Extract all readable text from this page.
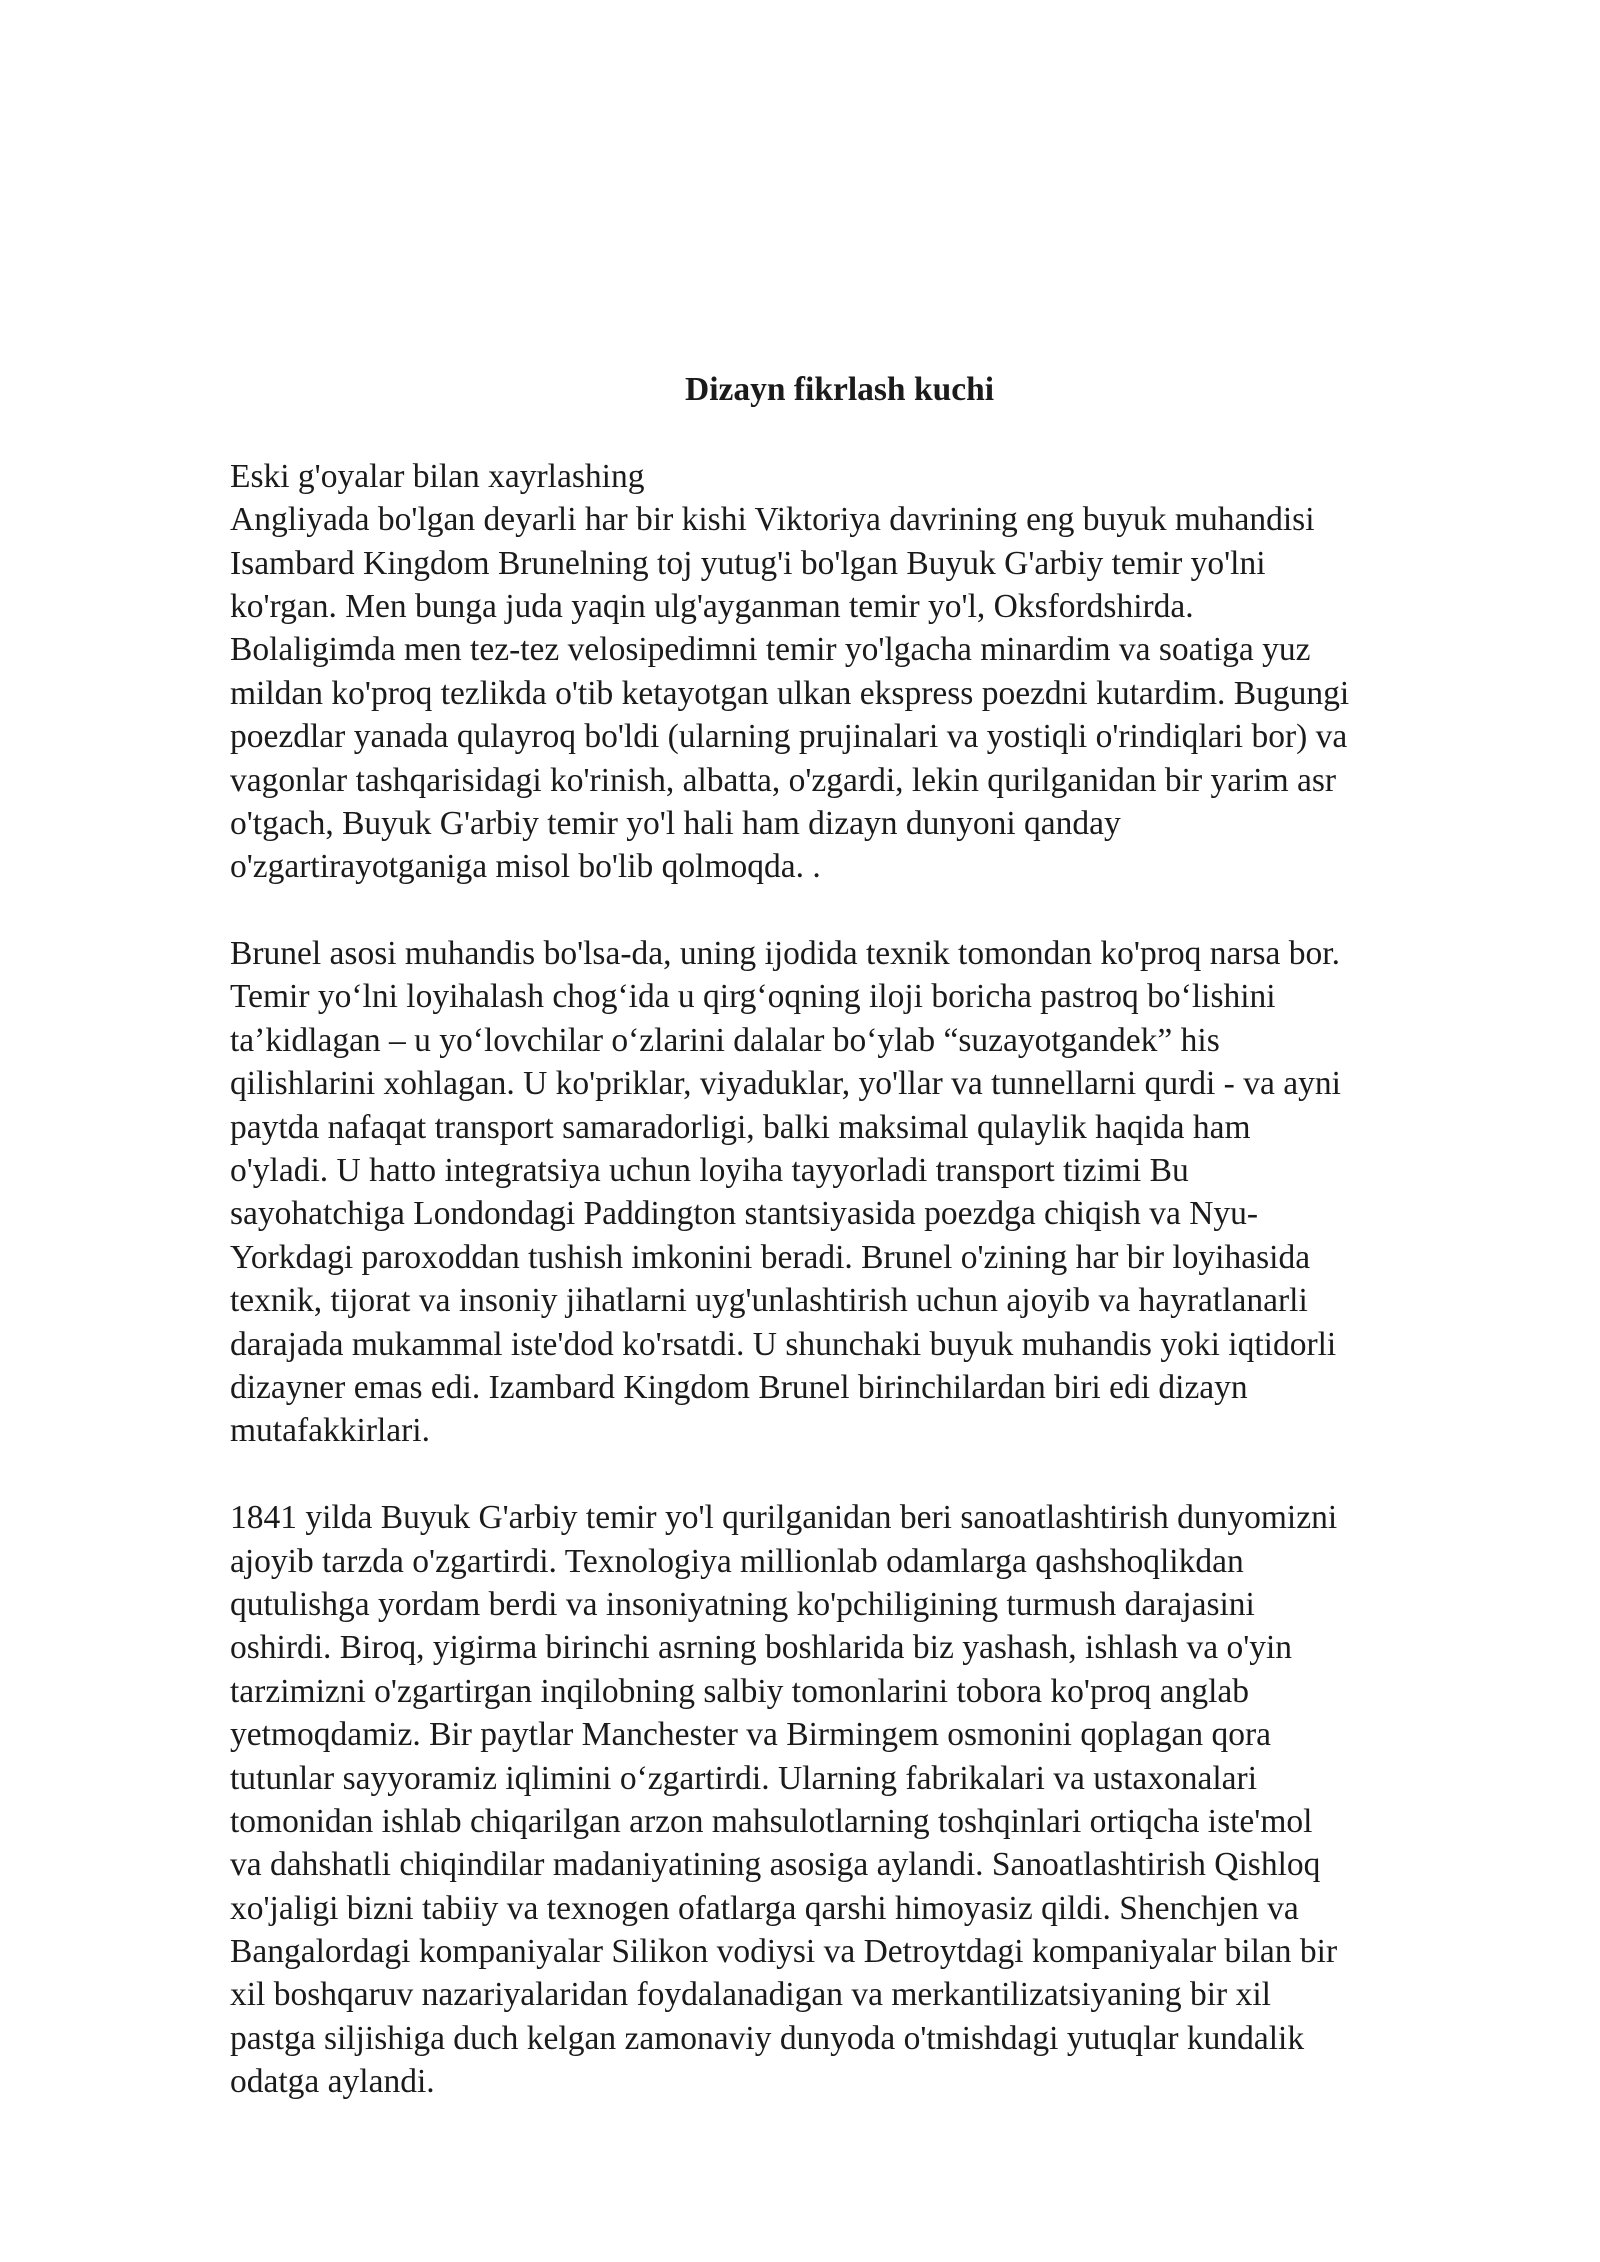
Dizayn fikrlash kuchi
Eski g'oyalar bilan xayrlashing
Angliyada bo'lgan deyarli har bir kishi Viktoriya davrining eng buyuk muhandisi
Isambard Kingdom Brunelning toj yutug'i bo'lgan Buyuk G'arbiy temir yo'lni
ko'rgan. Men bunga juda yaqin ulg'ayganman temir yo'l, Oksfordshirda.
Bolaligimda men tez-tez velosipedimni temir yo'lgacha minardim va soatiga yuz
mildan ko'proq tezlikda o'tib ketayotgan ulkan ekspress poezdni kutardim. Bugungi
poezdlar yanada qulayroq bo'ldi (ularning prujinalari va yostiqli o'rindiqlari bor) va
vagonlar tashqarisidagi ko'rinish, albatta, o'zgardi, lekin qurilganidan bir yarim asr
o'tgach, Buyuk G'arbiy temir yo'l hali ham dizayn dunyoni qanday
o'zgartirayotganiga misol bo'lib qolmoqda. .
Brunel asosi muhandis bo'lsa-da, uning ijodida texnik tomondan ko'proq narsa bor.
Temir yoʻlni loyihalash chogʻida u qirgʻoqning iloji boricha pastroq boʻlishini
taʼkidlagan – u yoʻlovchilar oʻzlarini dalalar boʻylab “suzayotgandek” his
qilishlarini xohlagan. U ko'priklar, viyaduklar, yo'llar va tunnellarni qurdi - va ayni
paytda nafaqat transport samaradorligi, balki maksimal qulaylik haqida ham
o'yladi. U hatto integratsiya uchun loyiha tayyorladi transport tizimi Bu
sayohatchiga Londondagi Paddington stantsiyasida poezdga chiqish va Nyu-
Yorkdagi paroxoddan tushish imkonini beradi. Brunel o'zining har bir loyihasida
texnik, tijorat va insoniy jihatlarni uyg'unlashtirish uchun ajoyib va hayratlanarli
darajada mukammal iste'dod ko'rsatdi. U shunchaki buyuk muhandis yoki iqtidorli
dizayner emas edi. Izambard Kingdom Brunel birinchilardan biri edi dizayn
mutafakkirlari.
1841 yilda Buyuk G'arbiy temir yo'l qurilganidan beri sanoatlashtirish dunyomizni
ajoyib tarzda o'zgartirdi. Texnologiya millionlab odamlarga qashshoqlikdan
qutulishga yordam berdi va insoniyatning ko'pchiligining turmush darajasini
oshirdi. Biroq, yigirma birinchi asrning boshlarida biz yashash, ishlash va o'yin
tarzimizni o'zgartirgan inqilobning salbiy tomonlarini tobora ko'proq anglab
yetmoqdamiz. Bir paytlar Manchester va Birmingem osmonini qoplagan qora
tutunlar sayyoramiz iqlimini oʻzgartirdi. Ularning fabrikalari va ustaxonalari
tomonidan ishlab chiqarilgan arzon mahsulotlarning toshqinlari ortiqcha iste'mol
va dahshatli chiqindilar madaniyatining asosiga aylandi. Sanoatlashtirish Qishloq
xo'jaligi bizni tabiiy va texnogen ofatlarga qarshi himoyasiz qildi. Shenchjen va
Bangalordagi kompaniyalar Silikon vodiysi va Detroytdagi kompaniyalar bilan bir
xil boshqaruv nazariyalaridan foydalanadigan va merkantilizatsiyaning bir xil
pastga siljishiga duch kelgan zamonaviy dunyoda o'tmishdagi yutuqlar kundalik
odatga aylandi.
